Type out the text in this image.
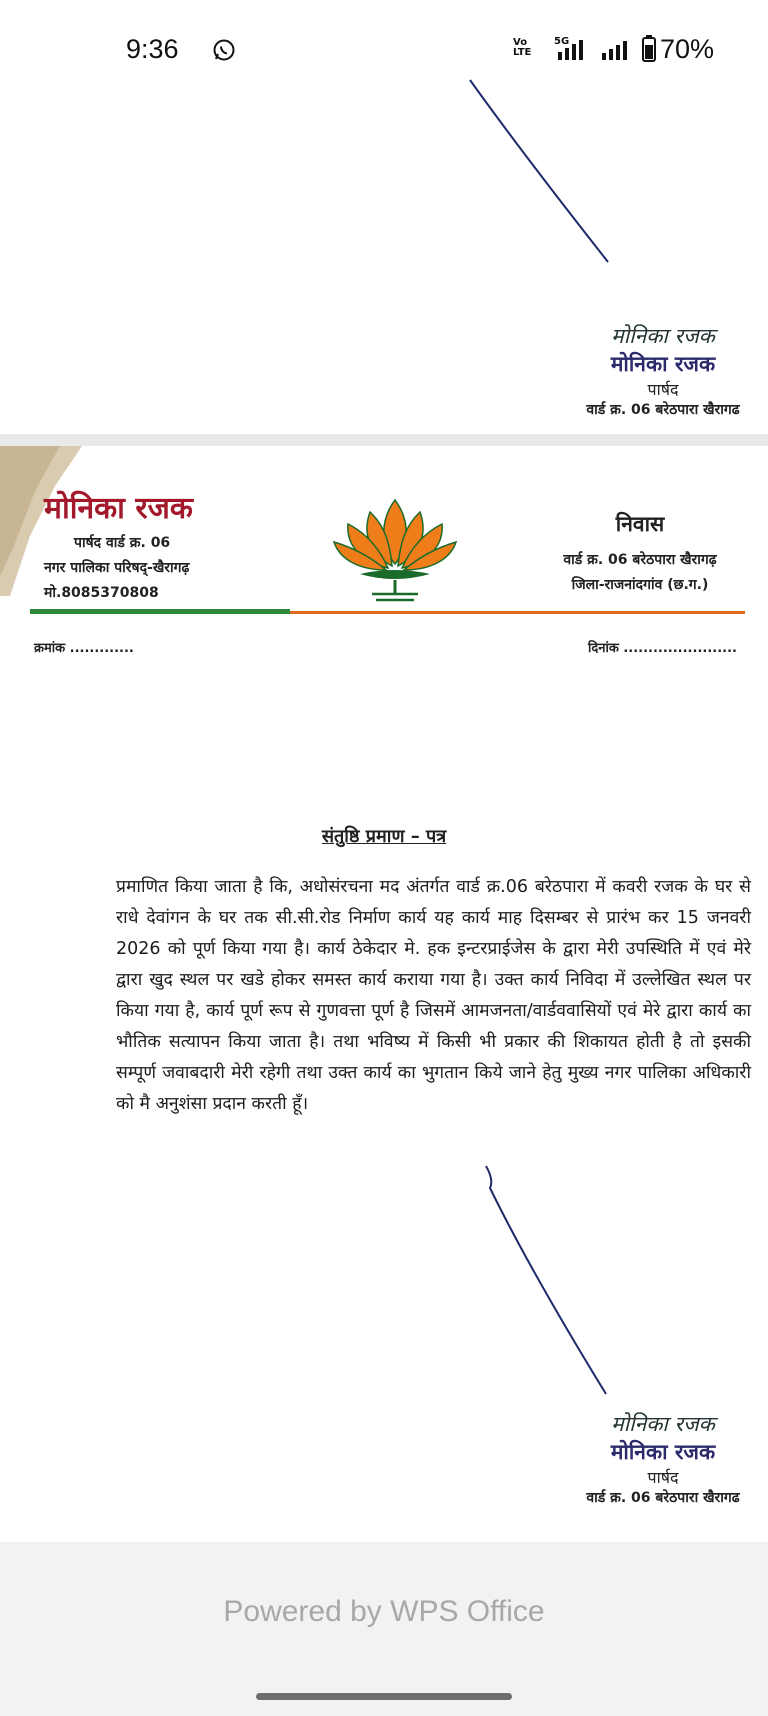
9:36	Vo
LTE
5G	70%
मोनिका रजक
मोनिका रजक
पार्षद
वार्ड क्र. 06 बरेठपारा खैरागढ
मोनिका रजक
पार्षद वार्ड क्र. 06
नगर पालिका परिषद्-खैरागढ़
मो.8085370808
निवास
वार्ड क्र. 06 बरेठपारा खैरागढ़
जिला-राजनांदगांव (छ.ग.)
क्रमांक .............	दिनांक .......................
संतुष्ठि प्रमाण – पत्र
प्रमाणित किया जाता है कि, अधोसंरचना मद अंतर्गत वार्ड क्र.06 बरेठपारा में कवरी रजक के घर से राधे देवांगन के घर तक सी.सी.रोड निर्माण कार्य यह कार्य माह दिसम्बर से प्रारंभ कर 15 जनवरी 2026 को पूर्ण किया गया है। कार्य ठेकेदार मे. हक इन्टरप्राईजेस के द्वारा मेरी उपस्थिति में एवं मेरे द्वारा खुद स्थल पर खडे होकर समस्त कार्य कराया गया है। उक्त कार्य निविदा में उल्लेखित स्थल पर किया गया है, कार्य पूर्ण रूप से गुणवत्ता पूर्ण है जिसमें आमजनता/वार्डववासियों एवं मेरे द्वारा कार्य का भौतिक सत्यापन किया जाता है। तथा भविष्य में किसी भी प्रकार की शिकायत होती है तो इसकी सम्पूर्ण जवाबदारी मेरी रहेगी तथा उक्त कार्य का भुगतान किये जाने हेतु मुख्य नगर पालिका अधिकारी को मै अनुशंसा प्रदान करती हूँ।
मोनिका रजक
मोनिका रजक
पार्षद
वार्ड क्र. 06 बरेठपारा खैरागढ
Powered by WPS Office
